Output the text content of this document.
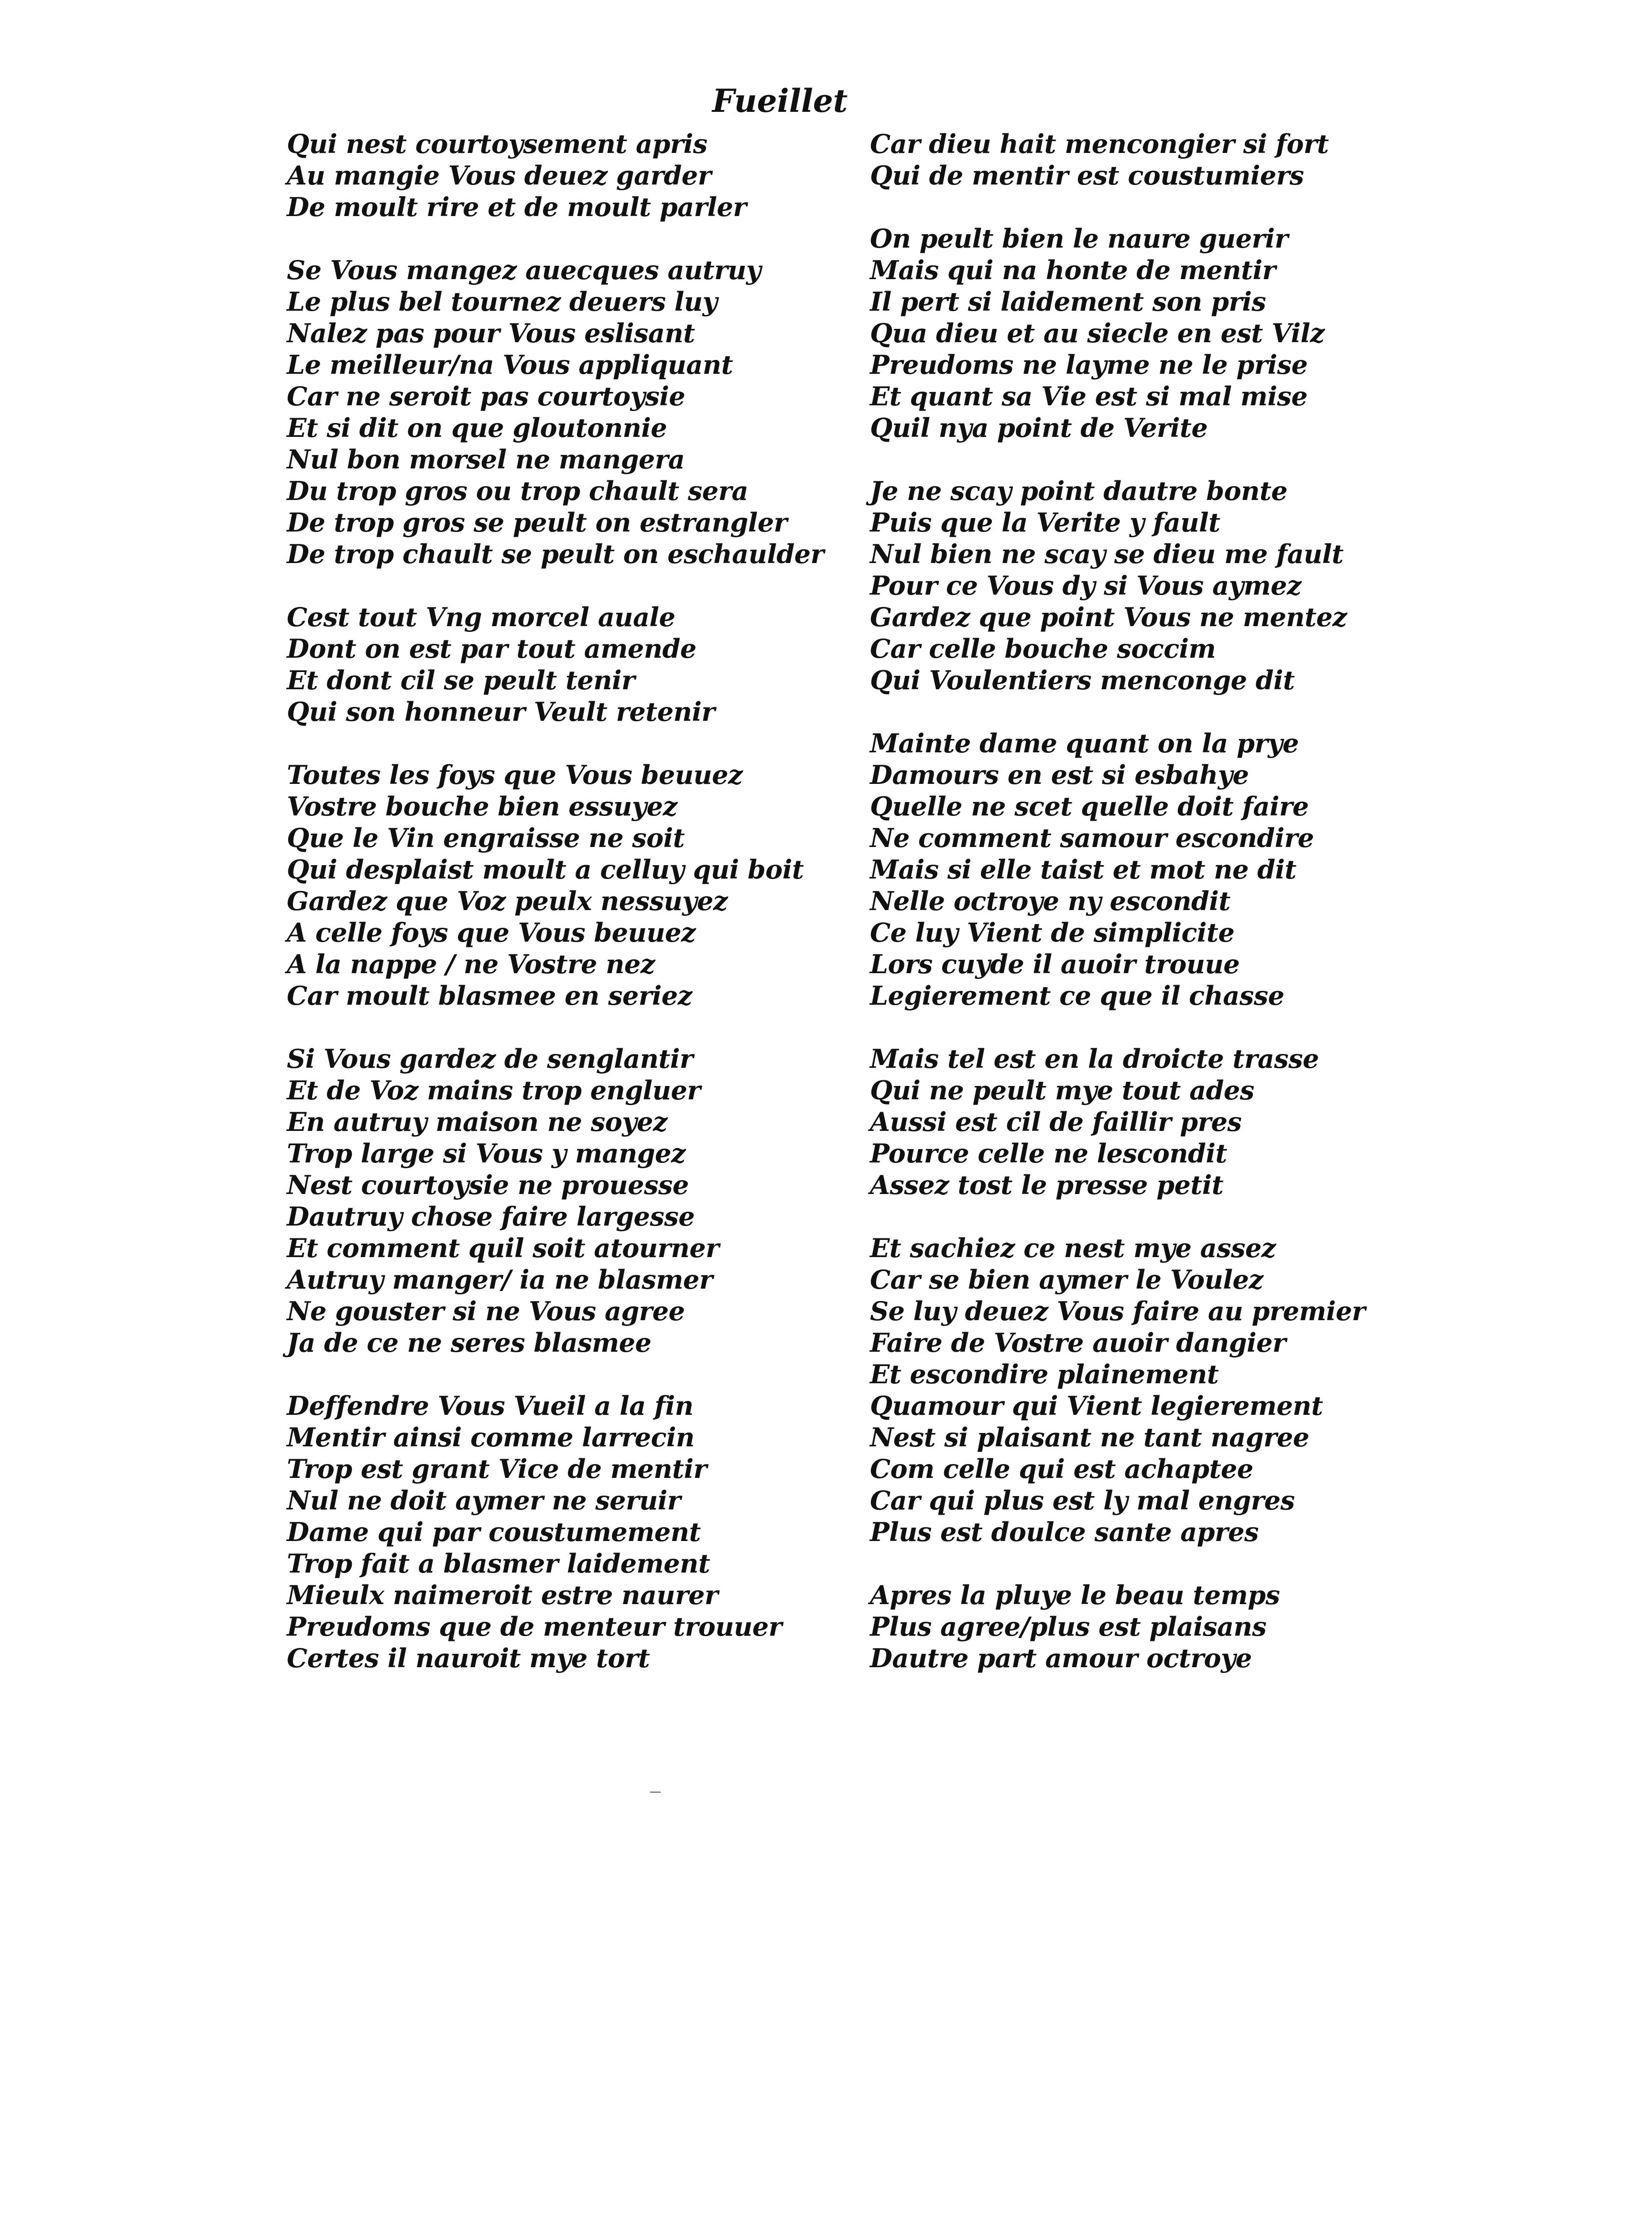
Fueillet
Qui nest courtoysement apris
Au mangie Vous deuez garder
De moult rire et de moult parler
Se Vous mangez auecques autruy
Le plus bel tournez deuers luy
Nalez pas pour Vous eslisant
Le meilleur/na Vous appliquant
Car ne seroit pas courtoysie
Et si dit on que gloutonnie
Nul bon morsel ne mangera
Du trop gros ou trop chault sera
De trop gros se peult on estrangler
De trop chault se peult on eschaulder
Cest tout Vng morcel auale
Dont on est par tout amende
Et dont cil se peult tenir
Qui son honneur Veult retenir
Toutes les foys que Vous beuuez
Vostre bouche bien essuyez
Que le Vin engraisse ne soit
Qui desplaist moult a celluy qui boit
Gardez que Voz peulx nessuyez
A celle foys que Vous beuuez
A la nappe / ne Vostre nez
Car moult blasmee en seriez
Si Vous gardez de senglantir
Et de Voz mains trop engluer
En autruy maison ne soyez
Trop large si Vous y mangez
Nest courtoysie ne prouesse
Dautruy chose faire largesse
Et comment quil soit atourner
Autruy manger/ ia ne blasmer
Ne gouster si ne Vous agree
Ja de ce ne seres blasmee
Deffendre Vous Vueil a la fin
Mentir ainsi comme larrecin
Trop est grant Vice de mentir
Nul ne doit aymer ne seruir
Dame qui par coustumement
Trop fait a blasmer laidement
Mieulx naimeroit estre naurer
Preudoms que de menteur trouuer
Certes il nauroit mye tort
Car dieu hait mencongier si fort
Qui de mentir est coustumiers
On peult bien le naure guerir
Mais qui na honte de mentir
Il pert si laidement son pris
Qua dieu et au siecle en est Vilz
Preudoms ne layme ne le prise
Et quant sa Vie est si mal mise
Quil nya point de Verite
Je ne scay point dautre bonte
Puis que la Verite y fault
Nul bien ne scay se dieu me fault
Pour ce Vous dy si Vous aymez
Gardez que point Vous ne mentez
Car celle bouche socciт
Qui Voulentiers mencongе dit
Mainte dame quant on la prye
Damours en est si esbahye
Quelle ne scet quelle doit faire
Ne comment samour escondire
Mais si elle taist et mot ne dit
Nelle octroye ny escondit
Ce luy Vient de simplicite
Lors cuyde il auoir trouue
Legierement ce que il chasse
Mais tel est en la droicte trasse
Qui ne peult mye tout ades
Aussi est cil de faillir pres
Pource celle ne lescondit
Assez tost le presse petit
Et sachiez ce nest mye assez
Car se bien aymer le Voulez
Se luy deuez Vous faire au premier
Faire de Vostre auoir dangier
Et escondire plainement
Quamour qui Vient legierement
Nest si plaisant ne tant nagree
Com celle qui est achaptee
Car qui plus est ly mal engres
Plus est doulce sante apres
Apres la pluye le beau temps
Plus agree/plus est plaisans
Dautre part amour octroye
